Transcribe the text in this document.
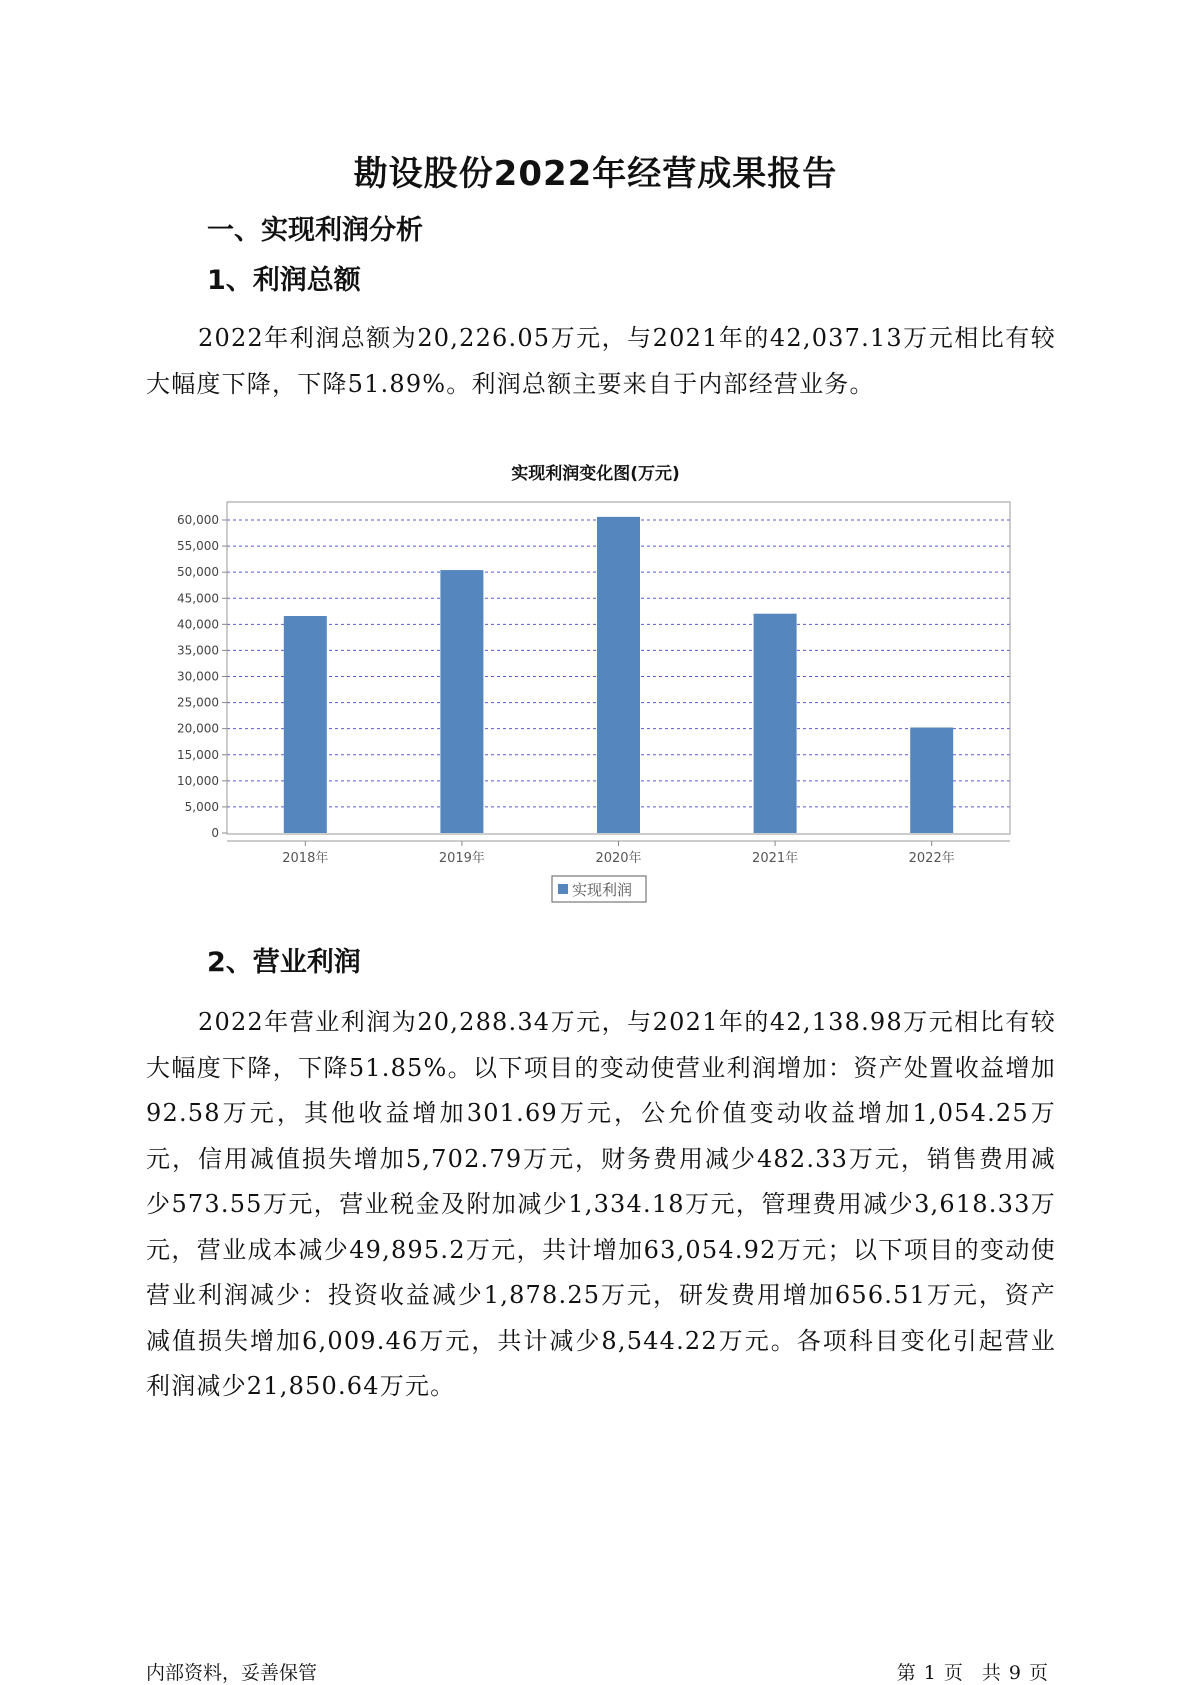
勘设股份2022年经营成果报告
一、实现利润分析
1、利润总额

2022年利润总额为20,226.05万元，与2021年的42,037.13万元相比有较大幅度下降，下降51.89%。利润总额主要来自于内部经营业务。

实现利润变化图(万元)
0
5,000
10,000
15,000
20,000
25,000
30,000
35,000
40,000
45,000
50,000
55,000
60,000
2018年	2019年	2020年	2021年	2022年
实现利润
2、营业利润

2022年营业利润为20,288.34万元，与2021年的42,138.98万元相比有较大幅度下降，下降51.85%。以下项目的变动使营业利润增加：资产处置收益增加92.58万元，其他收益增加301.69万元，公允价值变动收益增加1,054.25万元，信用减值损失增加5,702.79万元，财务费用减少482.33万元，销售费用减少573.55万元，营业税金及附加减少1,334.18万元，管理费用减少3,618.33万元，营业成本减少49,895.2万元，共计增加63,054.92万元；以下项目的变动使营业利润减少：投资收益减少1,878.25万元，研发费用增加656.51万元，资产减值损失增加6,009.46万元，共计减少8,544.22万元。各项科目变化引起营业利润减少21,850.64万元。

内部资料，妥善保管	第 1 页　共 9 页
